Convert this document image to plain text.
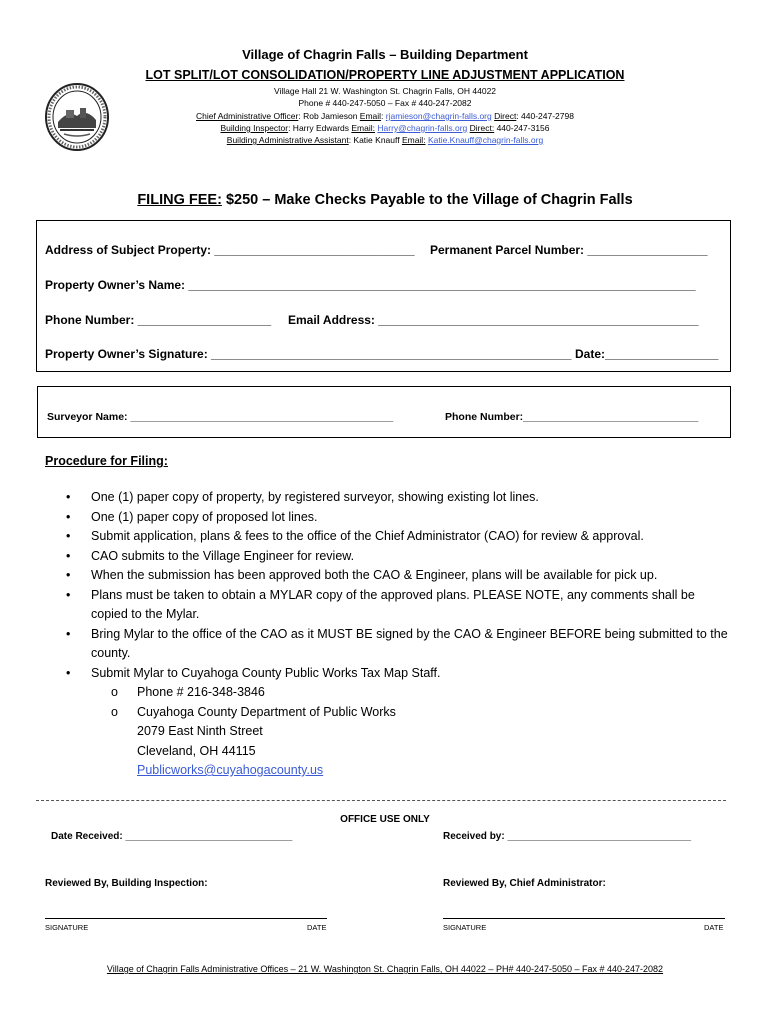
Village of Chagrin Falls – Building Department
LOT SPLIT/LOT CONSOLIDATION/PROPERTY LINE ADJUSTMENT APPLICATION
Village Hall 21 W. Washington St. Chagrin Falls, OH 44022
Phone # 440-247-5050 – Fax # 440-247-2082
Chief Administrative Officer: Rob Jamieson Email: rjamieson@chagrin-falls.org Direct: 440-247-2798
Building Inspector: Harry Edwards Email: Harry@chagrin-falls.org Direct: 440-247-3156
Building Administrative Assistant: Katie Knauff Email: Katie.Knauff@chagrin-falls.org
FILING FEE: $250 – Make Checks Payable to the Village of Chagrin Falls
Address of Subject Property: ______________________________ Permanent Parcel Number: __________________
Property Owner’s Name: ____________________________________________________________________________
Phone Number: ____________________ Email Address: ________________________________________________
Property Owner’s Signature: ______________________________________________________ Date:_________________
Surveyor Name: _____________________________________________	Phone Number:______________________________
Procedure for Filing:
• One (1) paper copy of property, by registered surveyor, showing existing lot lines.
• One (1) paper copy of proposed lot lines.
• Submit application, plans & fees to the office of the Chief Administrator (CAO) for review & approval.
• CAO submits to the Village Engineer for review.
• When the submission has been approved both the CAO & Engineer, plans will be available for pick up.
• Plans must be taken to obtain a MYLAR copy of the approved plans. PLEASE NOTE, any comments shall be copied to the Mylar.
• Bring Mylar to the office of the CAO as it MUST BE signed by the CAO & Engineer BEFORE being submitted to the county.
• Submit Mylar to Cuyahoga County Public Works Tax Map Staff.
o Phone # 216-348-3846
o Cuyahoga County Department of Public Works
2079 East Ninth Street
Cleveland, OH 44115
Publicworks@cuyahogacounty.us
OFFICE USE ONLY
Date Received: ______________________________	Received by: _________________________________
Reviewed By, Building Inspection:	Reviewed By, Chief Administrator:
SIGNATURE	DATE	SIGNATURE	DATE
Village of Chagrin Falls Administrative Offices – 21 W. Washington St. Chagrin Falls, OH 44022 – PH# 440-247-5050 – Fax # 440-247-2082
